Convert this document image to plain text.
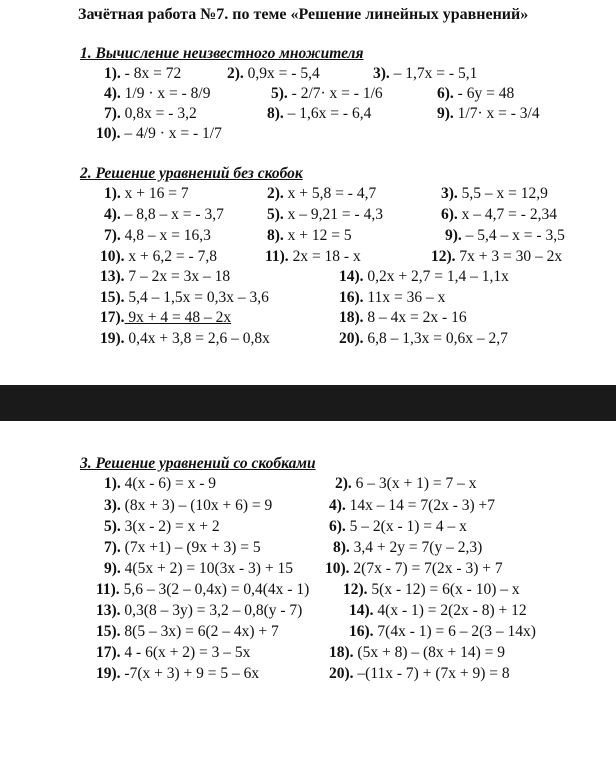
Зачётная работа №7. по теме «Решение линейных уравнений»
1. Вычисление неизвестного множителя
1). - 8x = 72	2). 0,9x = - 5,4	3). – 1,7x = - 5,1
4). 1/9 · x = - 8/9	5). - 2/7· x = - 1/6	6). - 6y = 48
7). 0,8x = - 3,2	8). – 1,6x = - 6,4	9). 1/7· x = - 3/4
10). – 4/9 · x = - 1/7
2. Решение уравнений без скобок
1). x + 16 = 7	2). x + 5,8 = - 4,7	3). 5,5 – x = 12,9
4). – 8,8 – x = - 3,7	5). x – 9,21 = - 4,3	6). x – 4,7 = - 2,34
7). 4,8 – x = 16,3	8). x + 12 = 5	9). – 5,4 – x = - 3,5
10). x + 6,2 = - 7,8	11). 2x = 18 - x	12). 7x + 3 = 30 – 2x
13). 7 – 2x = 3x – 18	14). 0,2x + 2,7 = 1,4 – 1,1x
15). 5,4 – 1,5x = 0,3x – 3,6	16). 11x = 36 – x
17). 9x + 4 = 48 – 2x	18). 8 – 4x = 2x - 16
19). 0,4x + 3,8 = 2,6 – 0,8x	20). 6,8 – 1,3x = 0,6x – 2,7
3. Решение уравнений со скобками
1). 4(x - 6) = x - 9	2). 6 – 3(x + 1) = 7 – x
3). (8x + 3) – (10x + 6) = 9	4). 14x – 14 = 7(2x - 3) +7
5). 3(x - 2) = x + 2	6). 5 – 2(x - 1) = 4 – x
7). (7x +1) – (9x + 3) = 5	8). 3,4 + 2y = 7(y – 2,3)
9). 4(5x + 2) = 10(3x - 3) + 15 10). 2(7x - 7) = 7(2x - 3) + 7
11). 5,6 – 3(2 – 0,4x) = 0,4(4x - 1) 12). 5(x - 12) = 6(x - 10) – x
13). 0,3(8 – 3y) = 3,2 – 0,8(y - 7)	14). 4(x - 1) = 2(2x - 8) + 12
15). 8(5 – 3x) = 6(2 – 4x) + 7	16). 7(4x - 1) = 6 – 2(3 – 14x)
17). 4 - 6(x + 2) = 3 – 5x	18). (5x + 8) – (8x + 14) = 9
19). -7(x + 3) + 9 = 5 – 6x	20). –(11x - 7) + (7x + 9) = 8
